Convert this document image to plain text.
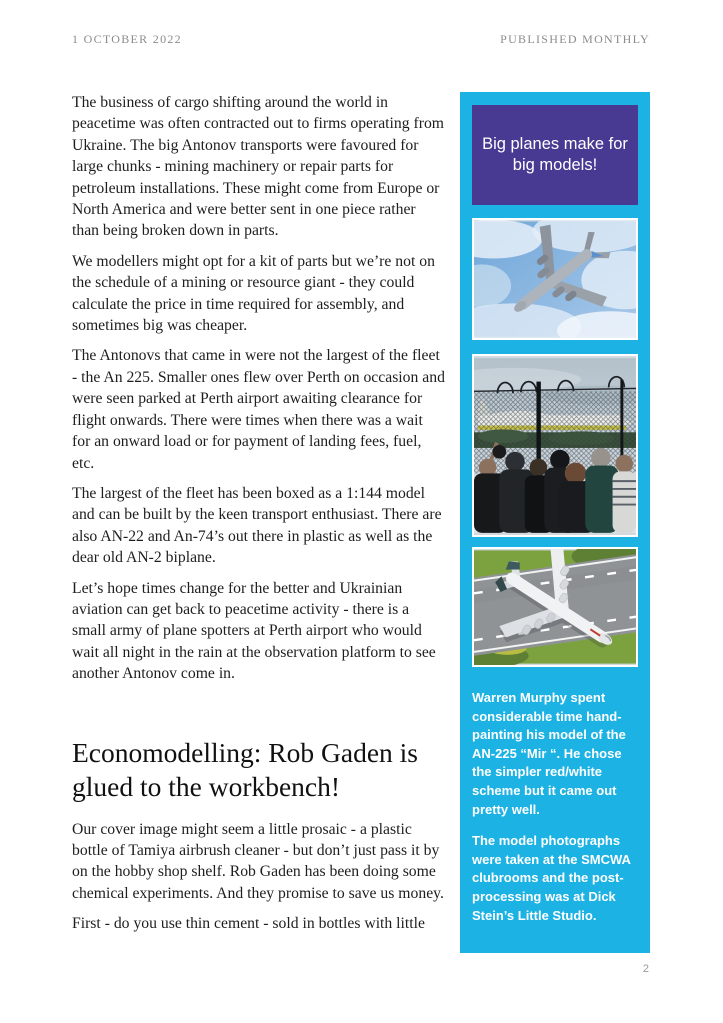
1 OCTOBER 2022	PUBLISHED MONTHLY

The business of cargo shifting around the world in peacetime was often contracted out to firms operating from Ukraine. The big Antonov transports were favoured for large chunks - mining machinery or repair parts for petroleum installations. These might come from Europe or North America and were better sent in one piece rather than being broken down in parts.

We modellers might opt for a kit of parts but we’re not on the schedule of a mining or resource giant - they could calculate the price in time required for assembly, and sometimes big was cheaper.

The Antonovs that came in were not the largest of the fleet - the An 225. Smaller ones flew over Perth on occasion and were seen parked at Perth airport awaiting clearance for flight onwards. There were times when there was a wait for an onward load or for payment of landing fees, fuel, etc.

The largest of the fleet has been boxed as a 1:144 model and can be built by the keen transport enthusiast. There are also AN-22 and An-74’s out there in plastic as well as the dear old AN-2 biplane.

Let’s hope times change for the better and Ukrainian aviation can get back to peacetime activity - there is a small army of plane spotters at Perth airport who would wait all night in the rain at the observation platform to see another Antonov come in.

Economodelling: Rob Gaden is glued to the workbench!

Our cover image might seem a little prosaic - a plastic bottle of Tamiya airbrush cleaner - but don’t just pass it by on the hobby shop shelf. Rob Gaden has been doing some chemical experiments. And they promise to save us money.

First - do you use thin cement - sold in bottles with little

Big planes make for big models!

Warren Murphy spent considerable time hand-painting his model of the AN-225 “Mir “. He chose the simpler red/white scheme but it came out pretty well.

The model photographs were taken at the SMCWA clubrooms and the post-processing was at Dick Stein’s Little Studio.

2
